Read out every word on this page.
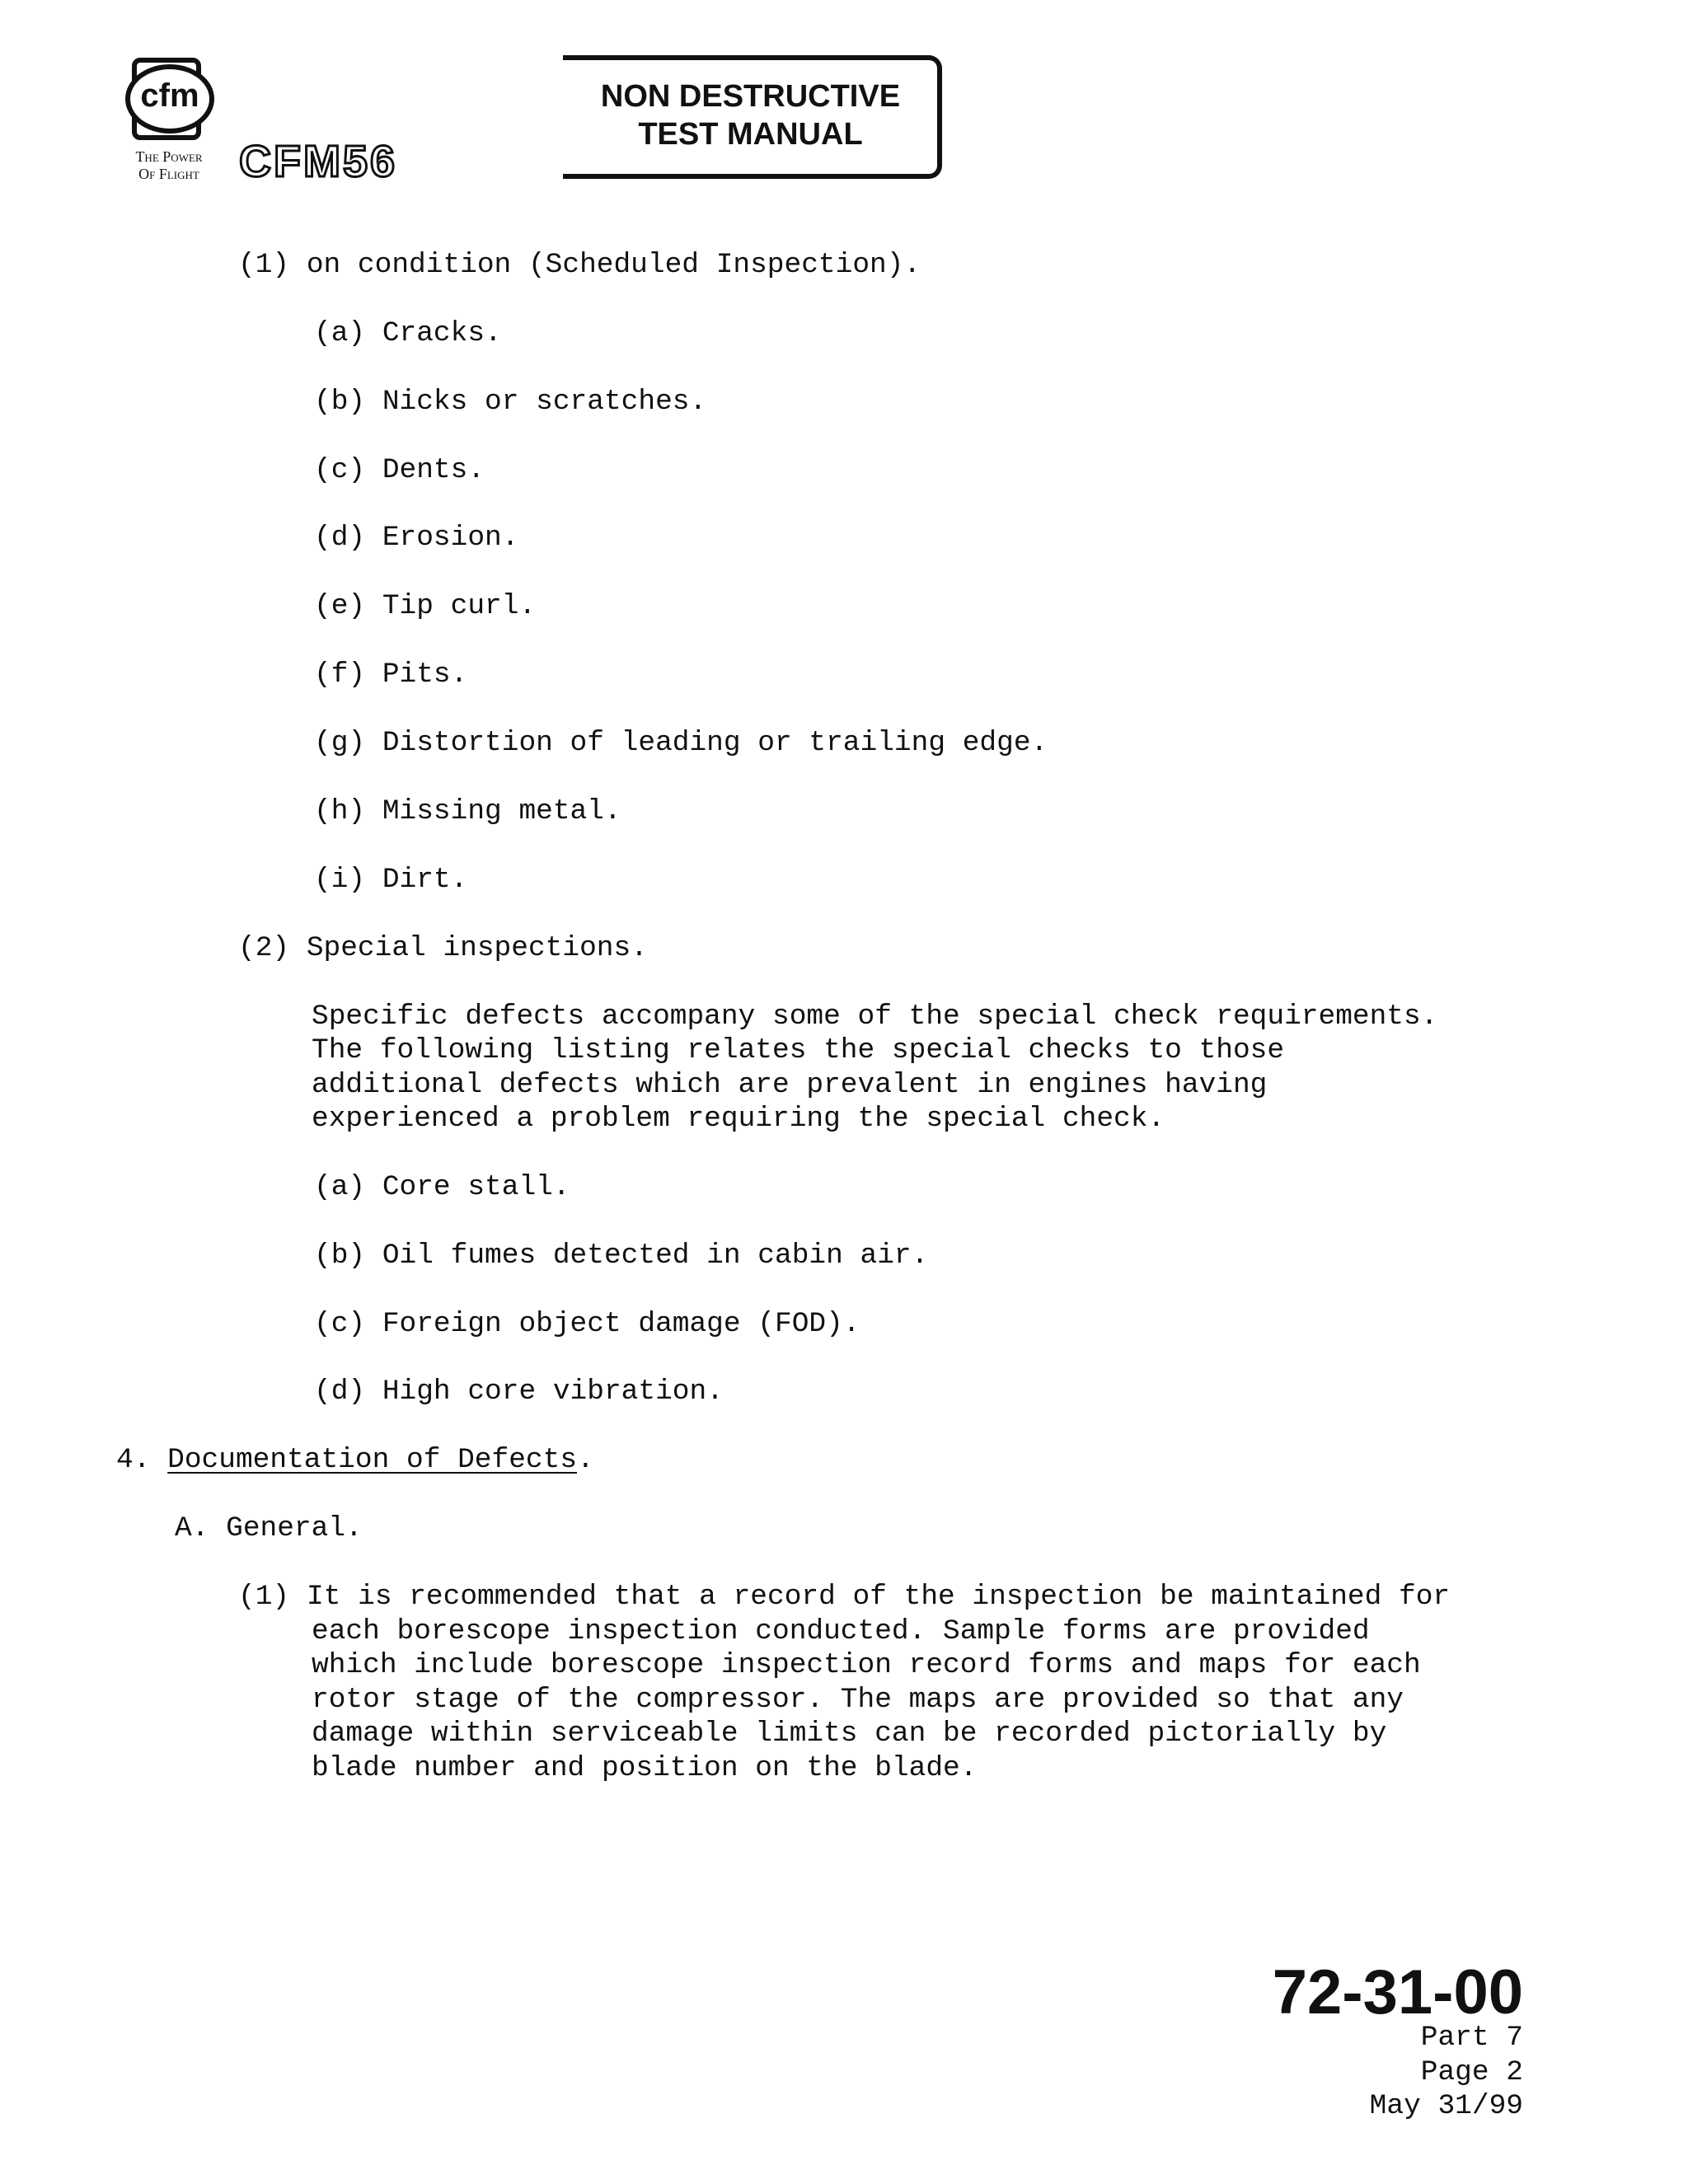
cfm
The Power
Of Flight CFM56
NON DESTRUCTIVE
TEST MANUAL
(1) on condition (Scheduled Inspection).
(a) Cracks.
(b) Nicks or scratches.
(c) Dents.
(d) Erosion.
(e) Tip curl.
(f) Pits.
(g) Distortion of leading or trailing edge.
(h) Missing metal.
(i) Dirt.
(2) Special inspections.
Specific defects accompany some of the special check requirements.
The following listing relates the special checks to those
additional defects which are prevalent in engines having
experienced a problem requiring the special check.
(a) Core stall.
(b) Oil fumes detected in cabin air.
(c) Foreign object damage (FOD).
(d) High core vibration.
4. Documentation of Defects.
A. General.
(1) It is recommended that a record of the inspection be maintained for
each borescope inspection conducted. Sample forms are provided
which include borescope inspection record forms and maps for each
rotor stage of the compressor. The maps are provided so that any
damage within serviceable limits can be recorded pictorially by
blade number and position on the blade.
72-31-00
Part 7
Page 2
May 31/99
